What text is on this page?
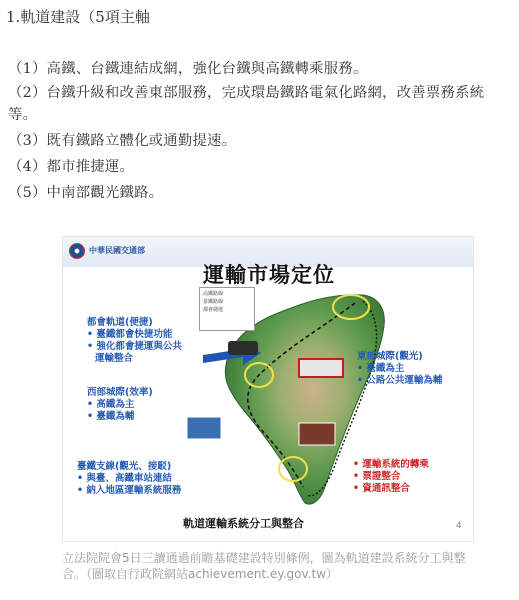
1.軌道建設（5項主軸
（1）高鐵、台鐵連結成網，強化台鐵與高鐵轉乘服務。
（2）台鐵升級和改善東部服務，完成環島鐵路電氣化路網，改善票務系統等。
（3）既有鐵路立體化或通勤提速。
（4）都市推捷運。
（5）中南部觀光鐵路。
中華民國交通部
運輸市場定位
高鐵路線
臺鐵路線
都會捷運
都會軌道(便捷)
• 臺鐵都會快捷功能
• 強化都會捷運與公共
運輸整合
西部城際(效率)
• 高鐵為主
• 臺鐵為輔
臺鐵支線(觀光、接駁)
• 與臺、高鐵車站連結
• 納入地區運輸系統服務
東部城際(觀光)
• 臺鐵為主
• 公路公共運輸為輔
• 運輸系統的轉乘
• 票證整合
• 資通訊整合
軌道運輸系統分工與整合	4
立法院院會5日三讀通過前瞻基礎建設特別條例，圖為軌道建設系統分工與整合。（圖取自行政院網站achievement.ey.gov.tw）
